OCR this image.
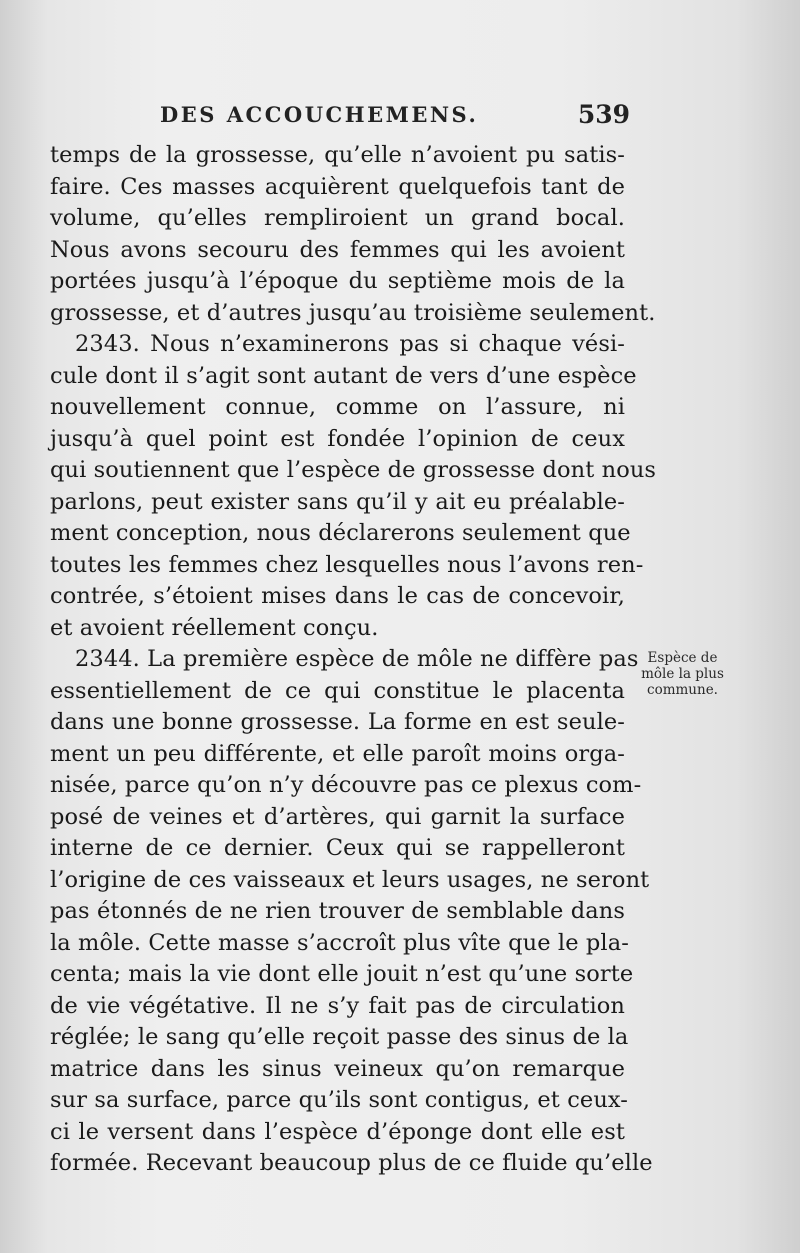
DES ACCOUCHEMENS.	539
temps de la grossesse, qu’elle n’avoient pu satis-
faire. Ces masses acquièrent quelquefois tant de
volume, qu’elles rempliroient un grand bocal.
Nous avons secouru des femmes qui les avoient
portées jusqu’à l’époque du septième mois de la
grossesse, et d’autres jusqu’au troisième seulement.
2343. Nous n’examinerons pas si chaque vési-
cule dont il s’agit sont autant de vers d’une espèce
nouvellement connue, comme on l’assure, ni
jusqu’à quel point est fondée l’opinion de ceux
qui soutiennent que l’espèce de grossesse dont nous
parlons, peut exister sans qu’il y ait eu préalable-
ment conception, nous déclarerons seulement que
toutes les femmes chez lesquelles nous l’avons ren-
contrée, s’étoient mises dans le cas de concevoir,
et avoient réellement conçu.
2344. La première espèce de môle ne diffère pas
essentiellement de ce qui constitue le placenta
dans une bonne grossesse. La forme en est seule-
ment un peu différente, et elle paroît moins orga-
nisée, parce qu’on n’y découvre pas ce plexus com-
posé de veines et d’artères, qui garnit la surface
interne de ce dernier. Ceux qui se rappelleront
l’origine de ces vaisseaux et leurs usages, ne seront
pas étonnés de ne rien trouver de semblable dans
la môle. Cette masse s’accroît plus vîte que le pla-
centa; mais la vie dont elle jouit n’est qu’une sorte
de vie végétative. Il ne s’y fait pas de circulation
réglée; le sang qu’elle reçoit passe des sinus de la
matrice dans les sinus veineux qu’on remarque
sur sa surface, parce qu’ils sont contigus, et ceux-
ci le versent dans l’espèce d’éponge dont elle est
formée. Recevant beaucoup plus de ce fluide qu’elle
Espèce de
môle la plus
commune.
